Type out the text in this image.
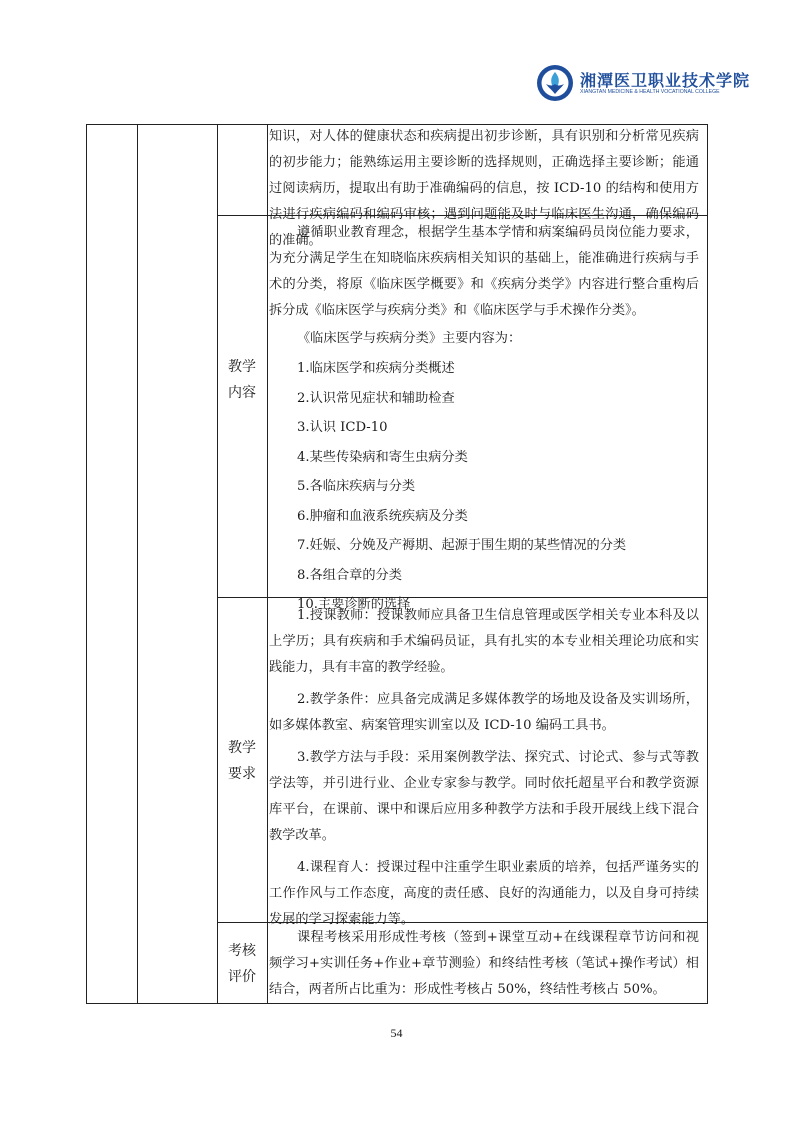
湘潭医卫职业技术学院
XIANGTAN MEDICINE & HEALTH VOCATIONAL COLLEGE
知识，对人体的健康状态和疾病提出初步诊断，具有识别和分析常见疾病的初步能力；能熟练运用主要诊断的选择规则，正确选择主要诊断；能通过阅读病历，提取出有助于准确编码的信息，按 ICD-10 的结构和使用方法进行疾病编码和编码审核；遇到问题能及时与临床医生沟通，确保编码的准确。
教学
内容

遵循职业教育理念，根据学生基本学情和病案编码员岗位能力要求，为充分满足学生在知晓临床疾病相关知识的基础上，能准确进行疾病与手术的分类，将原《临床医学概要》和《疾病分类学》内容进行整合重构后拆分成《临床医学与疾病分类》和《临床医学与手术操作分类》。

《临床医学与疾病分类》主要内容为：

1.临床医学和疾病分类概述
2.认识常见症状和辅助检查
3.认识 ICD-10
4.某些传染病和寄生虫病分类
5.各临床疾病与分类
6.肿瘤和血液系统疾病及分类
7.妊娠、分娩及产褥期、起源于围生期的某些情况的分类
8.各组合章的分类
10.主要诊断的选择
教学
要求

1.授课教师：授课教师应具备卫生信息管理或医学相关专业本科及以上学历；具有疾病和手术编码员证，具有扎实的本专业相关理论功底和实践能力，具有丰富的教学经验。

2.教学条件：应具备完成满足多媒体教学的场地及设备及实训场所，如多媒体教室、病案管理实训室以及 ICD-10 编码工具书。

3.教学方法与手段：采用案例教学法、探究式、讨论式、参与式等教学法等，并引进行业、企业专家参与教学。同时依托超星平台和教学资源库平台，在课前、课中和课后应用多种教学方法和手段开展线上线下混合教学改革。

4.课程育人：授课过程中注重学生职业素质的培养，包括严谨务实的工作作风与工作态度，高度的责任感、良好的沟通能力，以及自身可持续发展的学习探索能力等。

考核
评价
课程考核采用形成性考核（签到+课堂互动+在线课程章节访问和视频学习+实训任务+作业+章节测验）和终结性考核（笔试+操作考试）相结合，两者所占比重为：形成性考核占 50%，终结性考核占 50%。
54
